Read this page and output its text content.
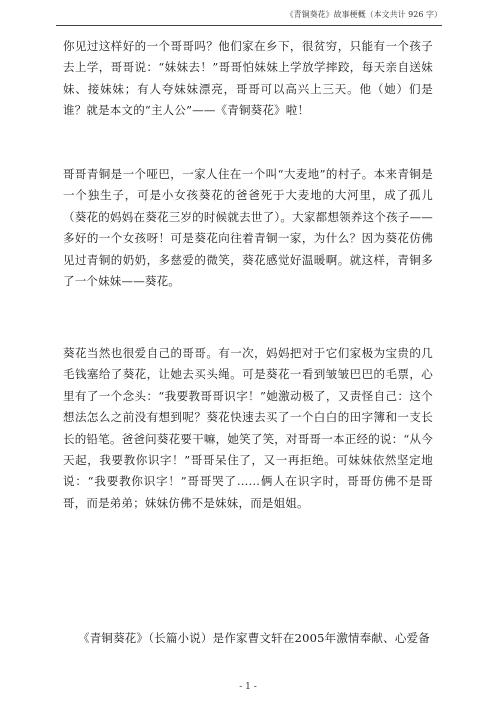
《青铜葵花》故事梗概（本文共计 926 字）

你见过这样好的一个哥哥吗？他们家在乡下，很贫穷，只能有一个孩子去上学，哥哥说：“妹妹去！”哥哥怕妹妹上学放学摔跤，每天亲自送妹妹、接妹妹；有人夸妹妹漂亮，哥哥可以高兴上三天。他（她）们是谁？就是本文的“主人公”——《青铜葵花》啦！

哥哥青铜是一个哑巴，一家人住在一个叫“大麦地”的村子。本来青铜是一个独生子，可是小女孩葵花的爸爸死于大麦地的大河里，成了孤儿（葵花的妈妈在葵花三岁的时候就去世了）。大家都想领养这个孩子——多好的一个女孩呀！可是葵花向往着青铜一家，为什么？因为葵花仿佛见过青铜的奶奶，多慈爱的微笑，葵花感觉好温暖啊。就这样，青铜多了一个妹妹——葵花。

葵花当然也很爱自己的哥哥。有一次，妈妈把对于它们家极为宝贵的几毛钱塞给了葵花，让她去买头绳。可是葵花一看到皱皱巴巴的毛票，心里有了一个念头：“我要教哥哥识字！”她激动极了，又责怪自己：这个想法怎么之前没有想到呢？葵花快速去买了一个白白的田字簿和一支长长的铅笔。爸爸问葵花要干嘛，她笑了笑，对哥哥一本正经的说：“从今天起，我要教你识字！”哥哥呆住了，又一再拒绝。可妹妹依然坚定地说：“我要教你识字！”哥哥哭了……俩人在识字时，哥哥仿佛不是哥哥，而是弟弟；妹妹仿佛不是妹妹，而是姐姐。

《青铜葵花》（长篇小说）是作家曹文轩在2005年激情奉献、心爱备

- 1 -
